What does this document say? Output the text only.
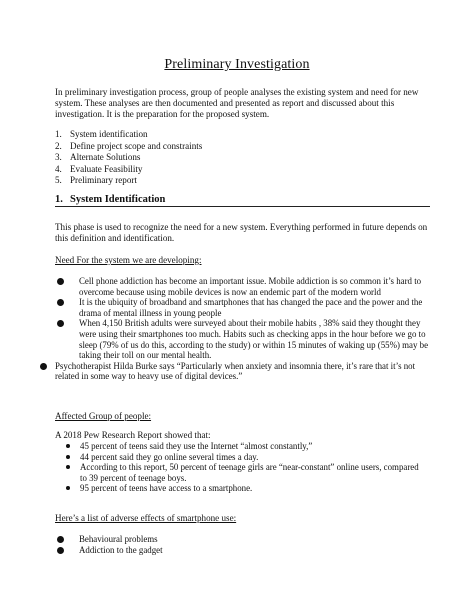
Preliminary Investigation
In preliminary investigation process, group of people analyses the existing system and need for new system. These analyses are then documented and presented as report and discussed about this investigation. It is the preparation for the proposed system.
1. System identification
2. Define project scope and constraints
3. Alternate Solutions
4. Evaluate Feasibility
5. Preliminary report
1. System Identification
This phase is used to recognize the need for a new system. Everything performed in future depends on this definition and identification.
Need For the system we are developing:
Cell phone addiction has become an important issue. Mobile addiction is so common it’s hard to overcome because using mobile devices is now an endemic part of the modern world
It is the ubiquity of broadband and smartphones that has changed the pace and the power and the drama of mental illness in young people
When 4,150 British adults were surveyed about their mobile habits , 38% said they thought they were using their smartphones too much. Habits such as checking apps in the hour before we go to sleep (79% of us do this, according to the study) or within 15 minutes of waking up (55%) may be taking their toll on our mental health.
Psychotherapist Hilda Burke says “Particularly when anxiety and insomnia there, it’s rare that it’s not related in some way to heavy use of digital devices.”
Affected Group of people:
A 2018 Pew Research Report showed that:
45 percent of teens said they use the Internet “almost constantly,”
44 percent said they go online several times a day.
According to this report, 50 percent of teenage girls are “near-constant” online users, compared to 39 percent of teenage boys.
95 percent of teens have access to a smartphone.
Here’s a list of adverse effects of smartphone use:
Behavioural problems
Addiction to the gadget
